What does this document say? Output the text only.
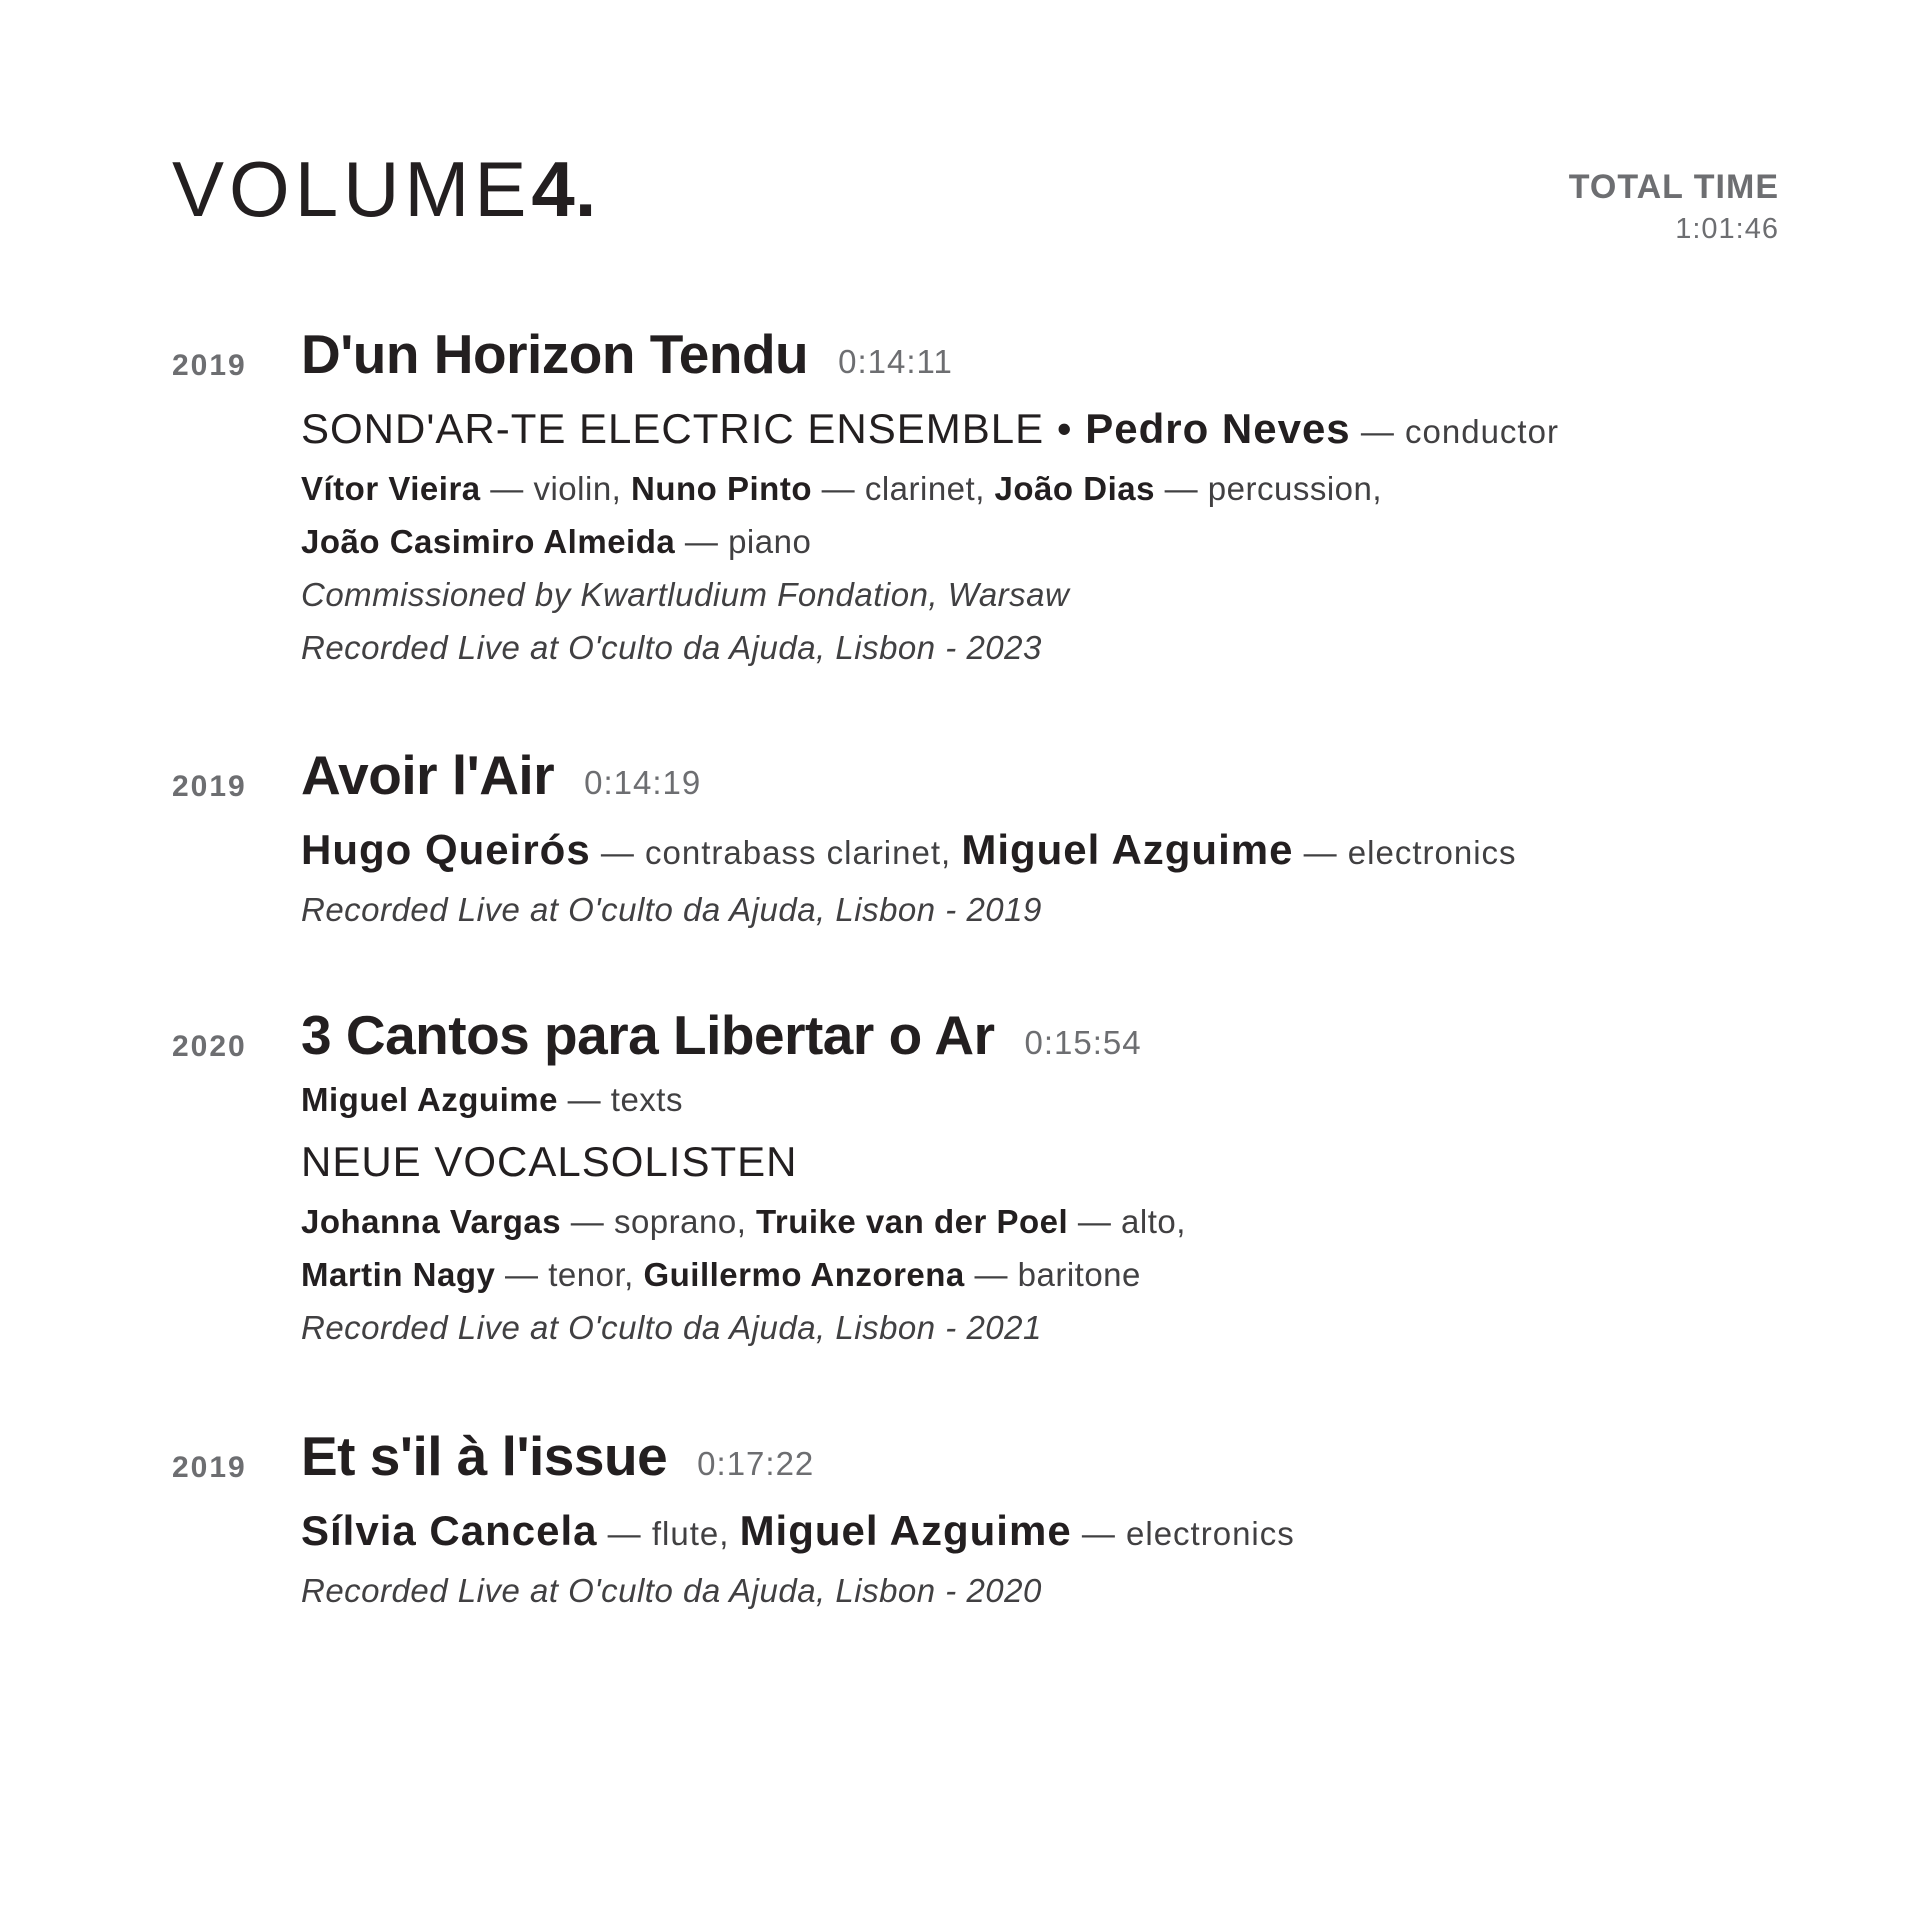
VOLUME4.	TOTAL TIME
1:01:46
2019 D'un Horizon Tendu 0:14:11
SOND'AR-TE ELECTRIC ENSEMBLE • Pedro Neves — conductor
Vítor Vieira — violin, Nuno Pinto — clarinet, João Dias — percussion,
João Casimiro Almeida — piano
Commissioned by Kwartludium Fondation, Warsaw
Recorded Live at O'culto da Ajuda, Lisbon - 2023
2019 Avoir l'Air 0:14:19
Hugo Queirós — contrabass clarinet, Miguel Azguime — electronics
Recorded Live at O'culto da Ajuda, Lisbon - 2019
2020 3 Cantos para Libertar o Ar 0:15:54
Miguel Azguime — texts
NEUE VOCALSOLISTEN
Johanna Vargas — soprano, Truike van der Poel — alto,
Martin Nagy — tenor, Guillermo Anzorena — baritone
Recorded Live at O'culto da Ajuda, Lisbon - 2021
2019 Et s'il à l'issue 0:17:22
Sílvia Cancela — flute, Miguel Azguime — electronics
Recorded Live at O'culto da Ajuda, Lisbon - 2020
